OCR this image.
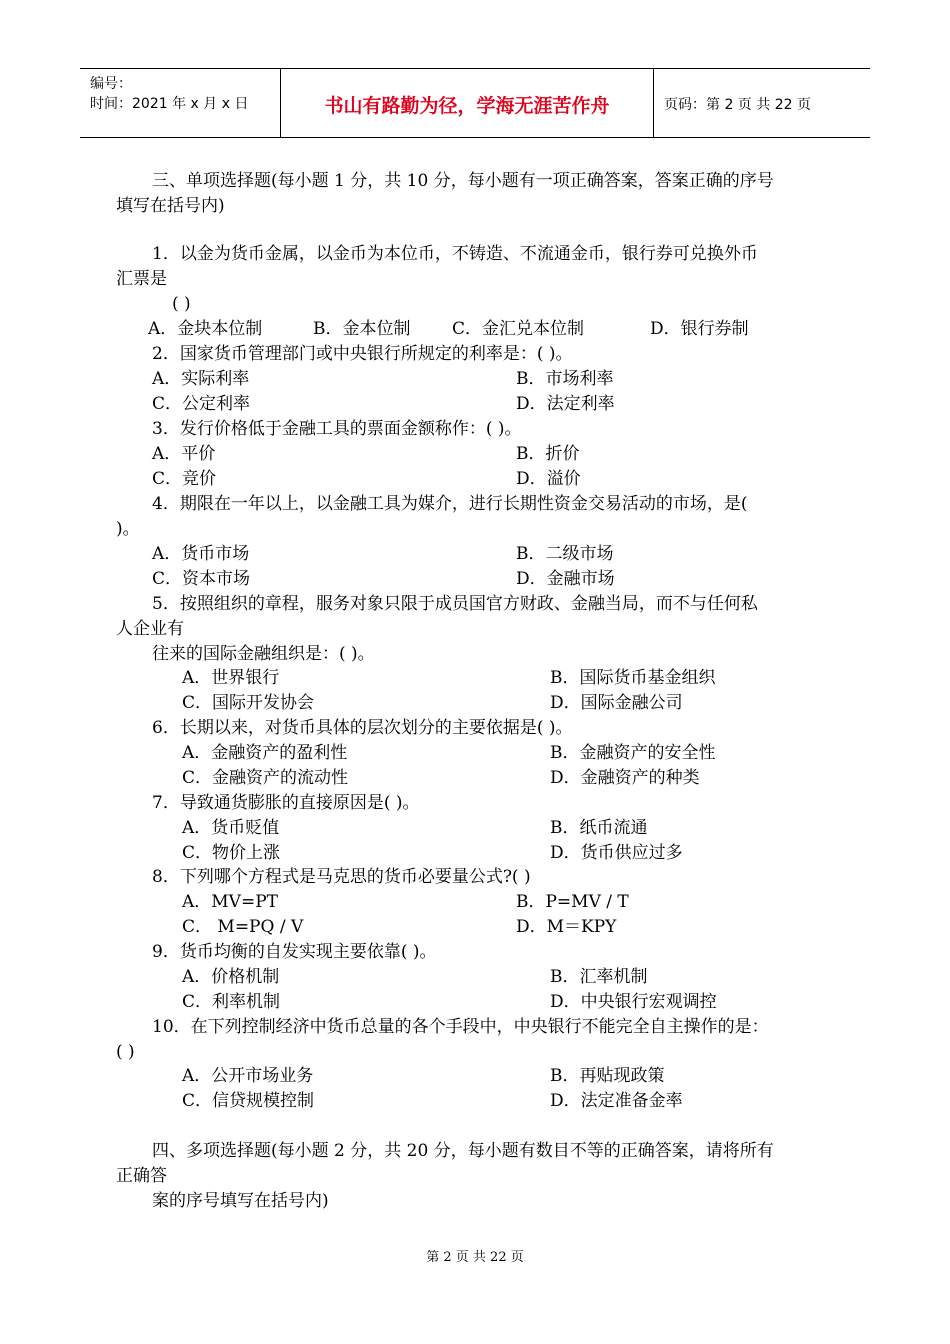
编号：
时间：2021 年 x 月 x 日	书山有路勤为径，学海无涯苦作舟	页码：第 2 页 共 22 页
三、单项选择题(每小题 1 分，共 10 分，每小题有一项正确答案，答案正确的序号
填写在括号内)
1．以金为货币金属，以金币为本位币，不铸造、不流通金币，银行券可兑换外币
汇票是
( )
A．金块本位制	B．金本位制 C．金汇兑本位制	D．银行券制
2．国家货币管理部门或中央银行所规定的利率是：( )。
A．实际利率	B．市场利率
C．公定利率	D．法定利率
3．发行价格低于金融工具的票面金额称作：( )。
A．平价	B．折价
C．竞价	D．溢价
4．期限在一年以上，以金融工具为媒介，进行长期性资金交易活动的市场，是(
)。
A．货币市场	B．二级市场
C．资本市场	D．金融市场
5．按照组织的章程，服务对象只限于成员国官方财政、金融当局，而不与任何私
人企业有
往来的国际金融组织是：( )。
A．世界银行	B．国际货币基金组织
C．国际开发协会	D．国际金融公司
6．长期以来，对货币具体的层次划分的主要依据是( )。
A．金融资产的盈利性	B．金融资产的安全性
C．金融资产的流动性	D．金融资产的种类
7．导致通货膨胀的直接原因是( )。
A．货币贬值	B．纸币流通
C．物价上涨	D．货币供应过多
8．下列哪个方程式是马克思的货币必要量公式?( )
A．MV=PT	B．P=MV / T
C． M=PQ / V	D．M＝KPY
9．货币均衡的自发实现主要依靠( )。
A．价格机制	B．汇率机制
C．利率机制	D．中央银行宏观调控
10．在下列控制经济中货币总量的各个手段中，中央银行不能完全自主操作的是：
( )
A．公开市场业务	B．再贴现政策
C．信贷规模控制	D．法定准备金率
四、多项选择题(每小题 2 分，共 20 分，每小题有数目不等的正确答案，请将所有
正确答
案的序号填写在括号内)
第 2 页 共 22 页
